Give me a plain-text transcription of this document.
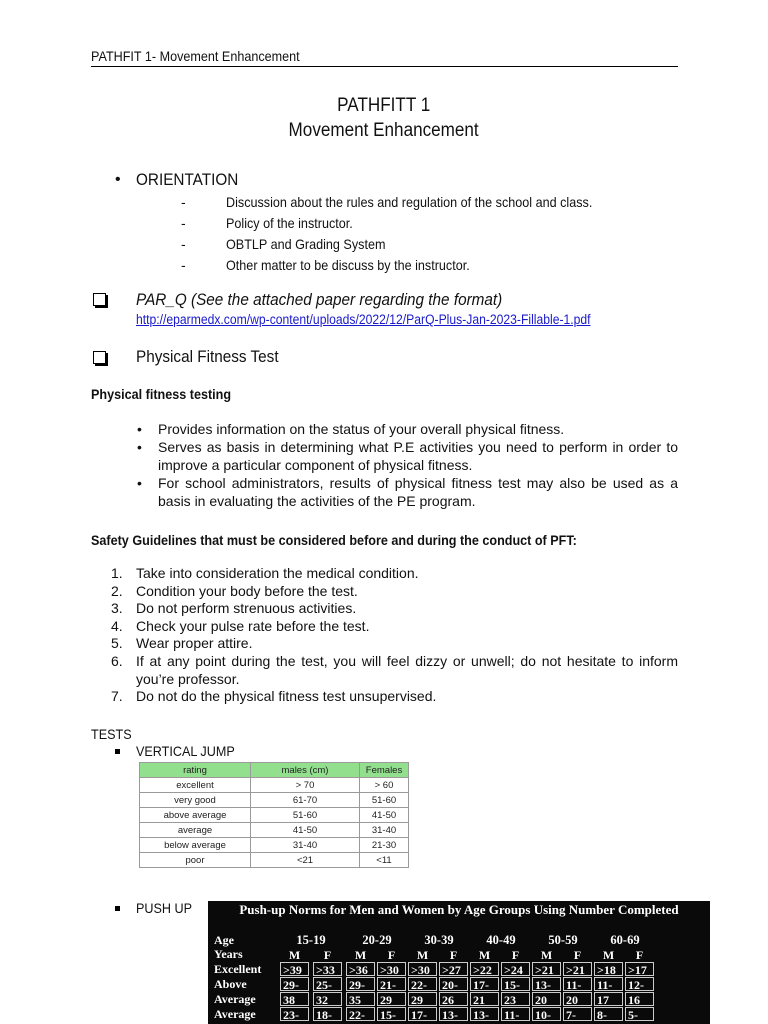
PATHFIT 1- Movement Enhancement
PATHFITT 1
Movement Enhancement
• ORIENTATION
-	Discussion about the rules and regulation of the school and class.
-	Policy of the instructor.
-	OBTLP and Grading System
-	Other matter to be discuss by the instructor.
PAR_Q (See the attached paper regarding the format)
http://eparmedx.com/wp-content/uploads/2022/12/ParQ-Plus-Jan-2023-Fillable-1.pdf
Physical Fitness Test
Physical fitness testing
• Provides information on the status of your overall physical fitness.
• Serves as basis in determining what P.E activities you need to perform in order to improve a particular component of physical fitness.
• For school administrators, results of physical fitness test may also be used as a basis in evaluating the activities of the PE program.
Safety Guidelines that must be considered before and during the conduct of PFT:
1. Take into consideration the medical condition.
2. Condition your body before the test.
3. Do not perform strenuous activities.
4. Check your pulse rate before the test.
5. Wear proper attire.
6. If at any point during the test, you will feel dizzy or unwell; do not hesitate to inform you’re professor.
7. Do not do the physical fitness test unsupervised.
TESTS
VERTICAL JUMP
rating	males (cm)	Females
excellent	> 70	> 60
very good	61-70	51-60
above average	51-60	41-50
average	41-50	31-40
below average	31-40	21-30
poor	<21	<11
PUSH UP	Push-up Norms for Men and Women by Age Groups Using Number Completed
Age	15-19	20-29	30-39	40-49	50-59	60-69
Years	M	F	M	F	M	F	M	F	M	F	M	F
Excellent >39	>33	>36	>30	>30	>27	>22	>24	>21	>21	>18	>17
Above	29-	25-	29-	21-	22-	20-	17-	15-	13-	11-	11-	12-
Average 38	32	35	29	29	26	21	23	20	20	17	16
Average 23-	18-	22-	15-	17-	13-	13-	11-	10-	7-	8-	5-
